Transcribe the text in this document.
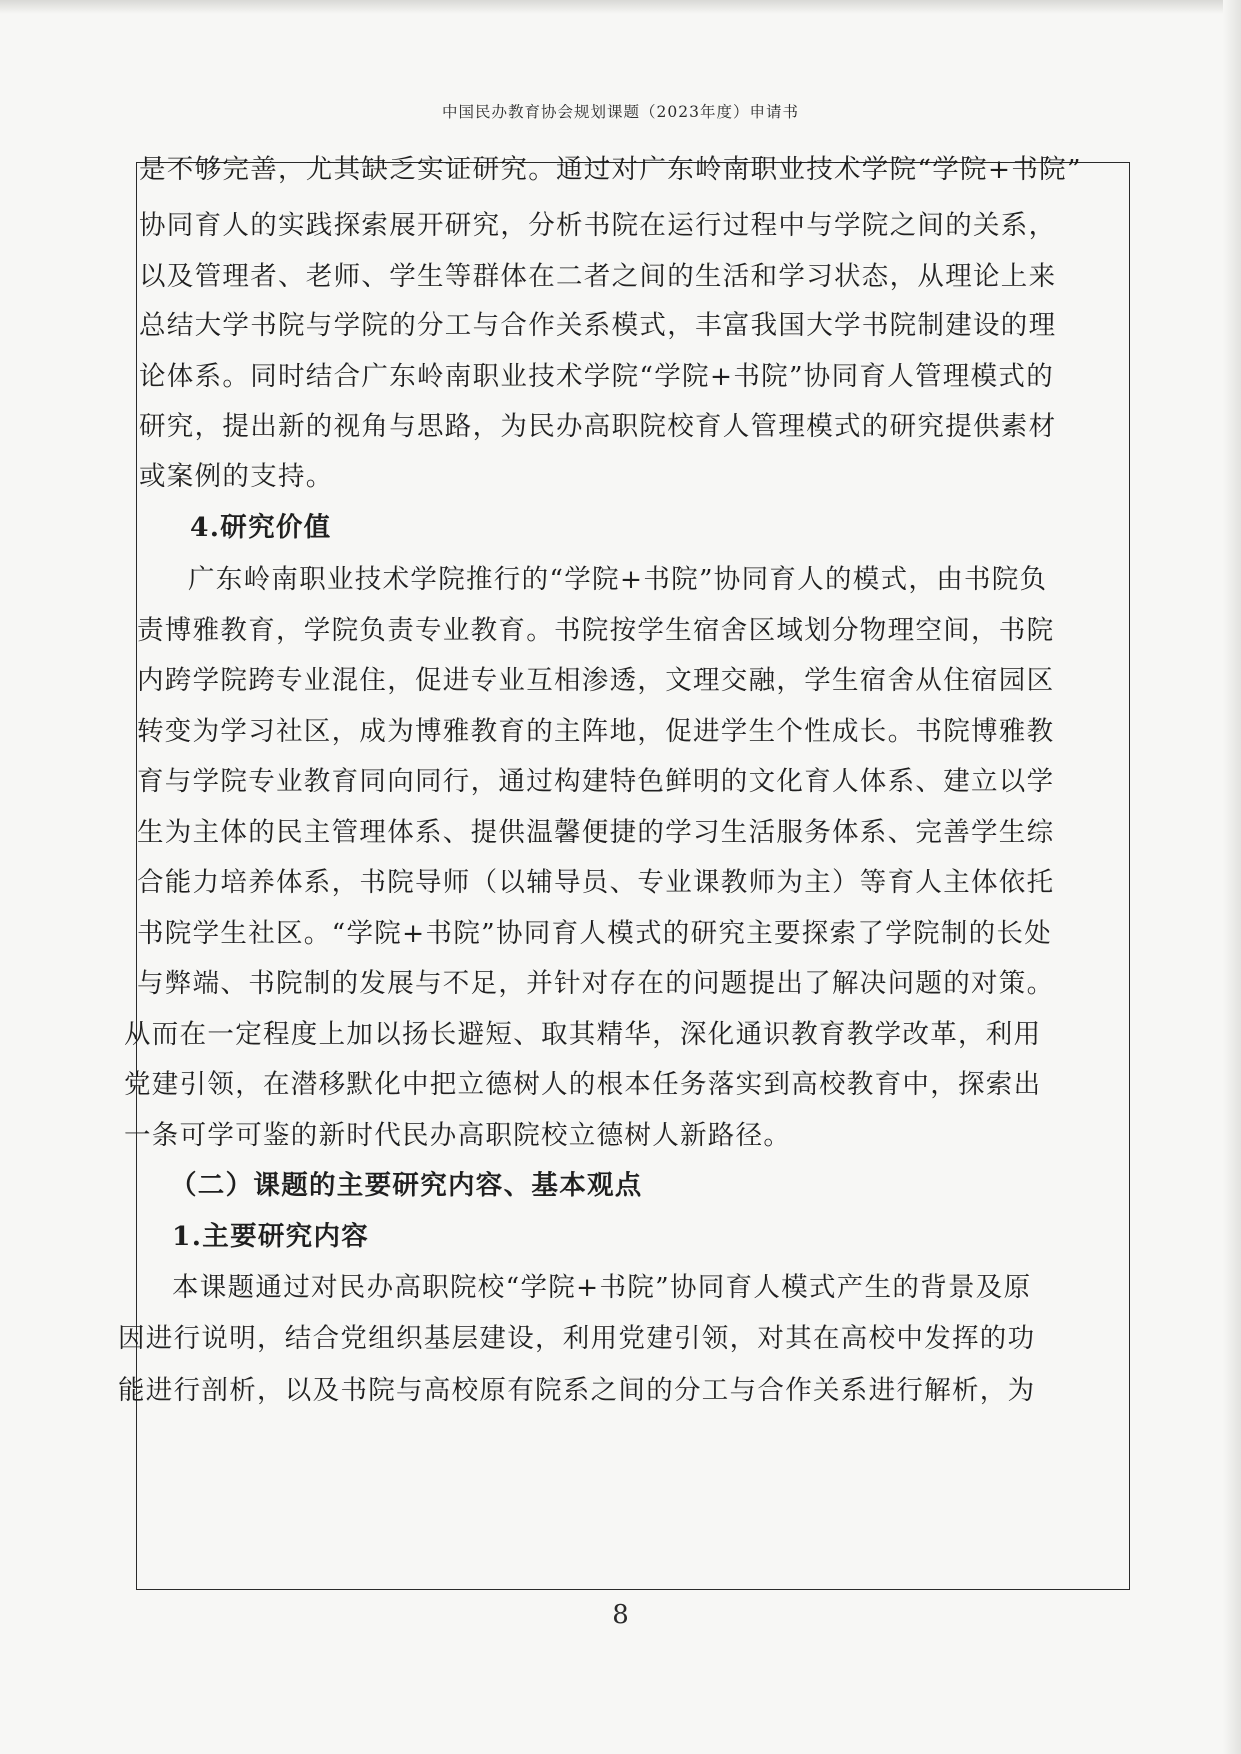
中国民办教育协会规划课题（2023年度）申请书
是不够完善，尤其缺乏实证研究。通过对广东岭南职业技术学院“学院+书院”
协同育人的实践探索展开研究，分析书院在运行过程中与学院之间的关系，
以及管理者、老师、学生等群体在二者之间的生活和学习状态，从理论上来
总结大学书院与学院的分工与合作关系模式，丰富我国大学书院制建设的理
论体系。同时结合广东岭南职业技术学院“学院+书院”协同育人管理模式的
研究，提出新的视角与思路，为民办高职院校育人管理模式的研究提供素材
或案例的支持。
4.研究价值
广东岭南职业技术学院推行的“学院+书院”协同育人的模式，由书院负
责博雅教育，学院负责专业教育。书院按学生宿舍区域划分物理空间，书院
内跨学院跨专业混住，促进专业互相渗透，文理交融，学生宿舍从住宿园区
转变为学习社区，成为博雅教育的主阵地，促进学生个性成长。书院博雅教
育与学院专业教育同向同行，通过构建特色鲜明的文化育人体系、建立以学
生为主体的民主管理体系、提供温馨便捷的学习生活服务体系、完善学生综
合能力培养体系，书院导师（以辅导员、专业课教师为主）等育人主体依托
书院学生社区。“学院+书院”协同育人模式的研究主要探索了学院制的长处
与弊端、书院制的发展与不足，并针对存在的问题提出了解决问题的对策。
从而在一定程度上加以扬长避短、取其精华，深化通识教育教学改革，利用
党建引领，在潜移默化中把立德树人的根本任务落实到高校教育中，探索出
一条可学可鉴的新时代民办高职院校立德树人新路径。
（二）课题的主要研究内容、基本观点
1.主要研究内容
本课题通过对民办高职院校“学院+书院”协同育人模式产生的背景及原
因进行说明，结合党组织基层建设，利用党建引领，对其在高校中发挥的功
能进行剖析，以及书院与高校原有院系之间的分工与合作关系进行解析，为
8
